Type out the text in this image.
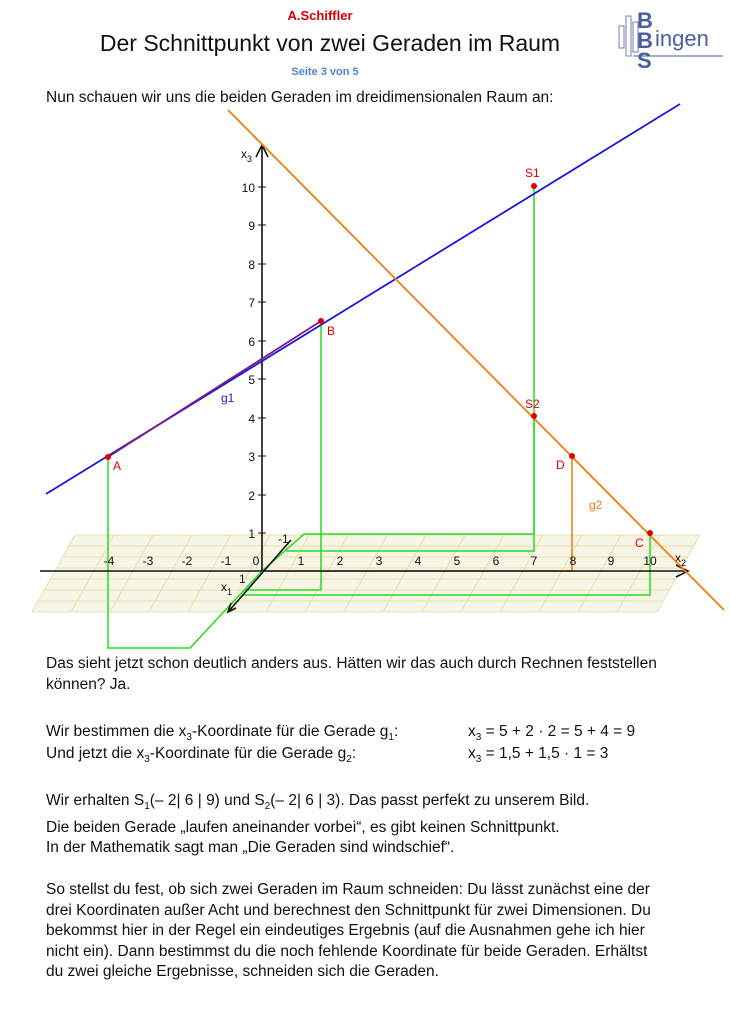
A.Schiffler
Der Schnittpunkt von zwei Geraden im Raum
Seite 3 von 5
B
B
S
ingen
Nun schauen wir uns die beiden Geraden im dreidimensionalen Raum an:
1
2
3
4
5
6
7
8
9
10
-4 -3 -2 -1 0	1	2	3	4	5	6	7	8	9 10
$x_3$
$x_2$
$x_1$
1
-1
A
B
S1
S2
D
C
g1
g2
Das sieht jetzt schon deutlich anders aus. Hätten wir das auch durch Rechnen feststellen
können? Ja.
Wir bestimmen die $x_3$-Koordinate für die Gerade $g_1$:	$x_3 = 5 + 2 \cdot 2 = 5 + 4 = 9$
Und jetzt die $x_3$-Koordinate für die Gerade $g_2$:	$x_3 = 1,5 + 1,5 \cdot 1 = 3$
Wir erhalten $S_1(-$ 2| 6 | 9) und $S_2(-$ 2| 6 | 3). Das passt perfekt zu unserem Bild.
Die beiden Gerade „laufen aneinander vorbei“, es gibt keinen Schnittpunkt.
In der Mathematik sagt man „Die Geraden sind windschief“.
So stellst du fest, ob sich zwei Geraden im Raum schneiden: Du lässt zunächst eine der
drei Koordinaten außer Acht und berechnest den Schnittpunkt für zwei Dimensionen. Du
bekommst hier in der Regel ein eindeutiges Ergebnis (auf die Ausnahmen gehe ich hier
nicht ein). Dann bestimmst du die noch fehlende Koordinate für beide Geraden. Erhältst
du zwei gleiche Ergebnisse, schneiden sich die Geraden.
